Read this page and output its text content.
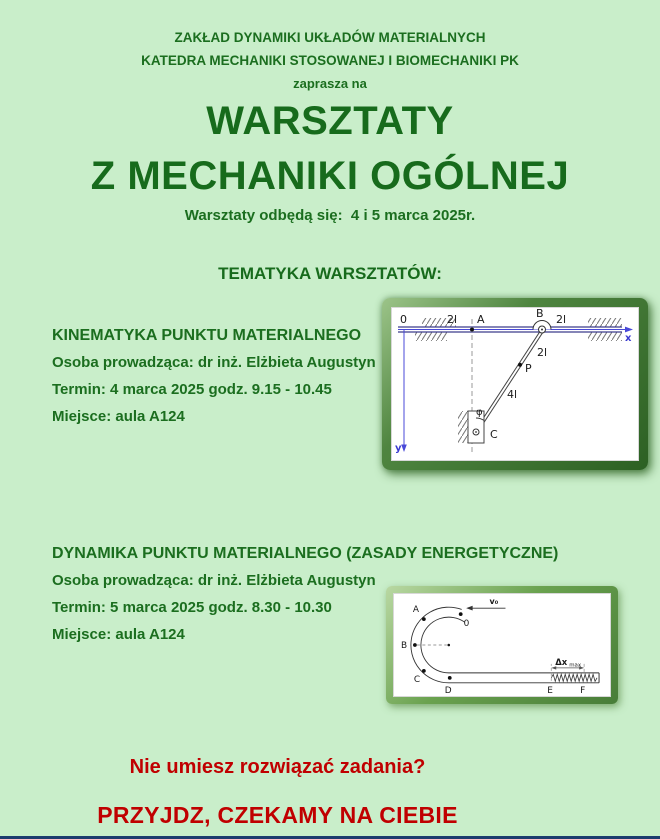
ZAKŁAD DYNAMIKI UKŁADÓW MATERIALNYCH
KATEDRA MECHANIKI STOSOWANEJ I BIOMECHANIKI PK
zaprasza na
WARSZTATY
Z MECHANIKI OGÓLNEJ
Warsztaty odbędą się:  4 i 5 marca 2025r.
TEMATYKA WARSZTATÓW:
KINEMATYKA PUNKTU MATERIALNEGO
Osoba prowadząca: dr inż. Elżbieta Augustyn
Termin: 4 marca 2025 godz. 9.15 - 10.45
Miejsce: aula A124
0	2l A	B 2l
2l
P
4l
φ
C
x
y
DYNAMIKA PUNKTU MATERIALNEGO (ZASADY ENERGETYCZNE)
Osoba prowadząca: dr inż. Elżbieta Augustyn
Termin: 5 marca 2025 godz. 8.30 - 10.30
Miejsce: aula A124
v₀
0
A
B
C
D	E	F
Δx max
Nie umiesz rozwiązać zadania?
PRZYJDZ, CZEKAMY NA CIEBIE
